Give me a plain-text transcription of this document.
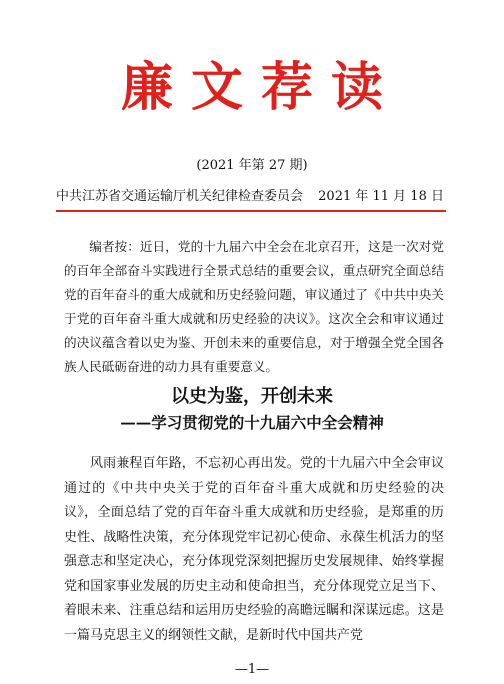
廉文荐读
(2021 年第 27 期)
中共江苏省交通运输厅机关纪律检查委员会 2021 年 11 月 18 日

编者按：近日，党的十九届六中全会在北京召开，这是一次对党的百年全部奋斗实践进行全景式总结的重要会议，重点研究全面总结党的百年奋斗的重大成就和历史经验问题，审议通过了《中共中央关于党的百年奋斗重大成就和历史经验的决议》。这次全会和审议通过的决议蕴含着以史为鉴、开创未来的重要信息，对于增强全党全国各族人民砥砺奋进的动力具有重要意义。

以史为鉴，开创未来
——学习贯彻党的十九届六中全会精神

风雨兼程百年路，不忘初心再出发。党的十九届六中全会审议通过的《中共中央关于党的百年奋斗重大成就和历史经验的决议》，全面总结了党的百年奋斗重大成就和历史经验，是郑重的历史性、战略性决策，充分体现党牢记初心使命、永葆生机活力的坚强意志和坚定决心，充分体现党深刻把握历史发展规律、始终掌握党和国家事业发展的历史主动和使命担当，充分体现党立足当下、着眼未来、注重总结和运用历史经验的高瞻远瞩和深谋远虑。这是一篇马克思主义的纲领性文献，是新时代中国共产党

—1—
